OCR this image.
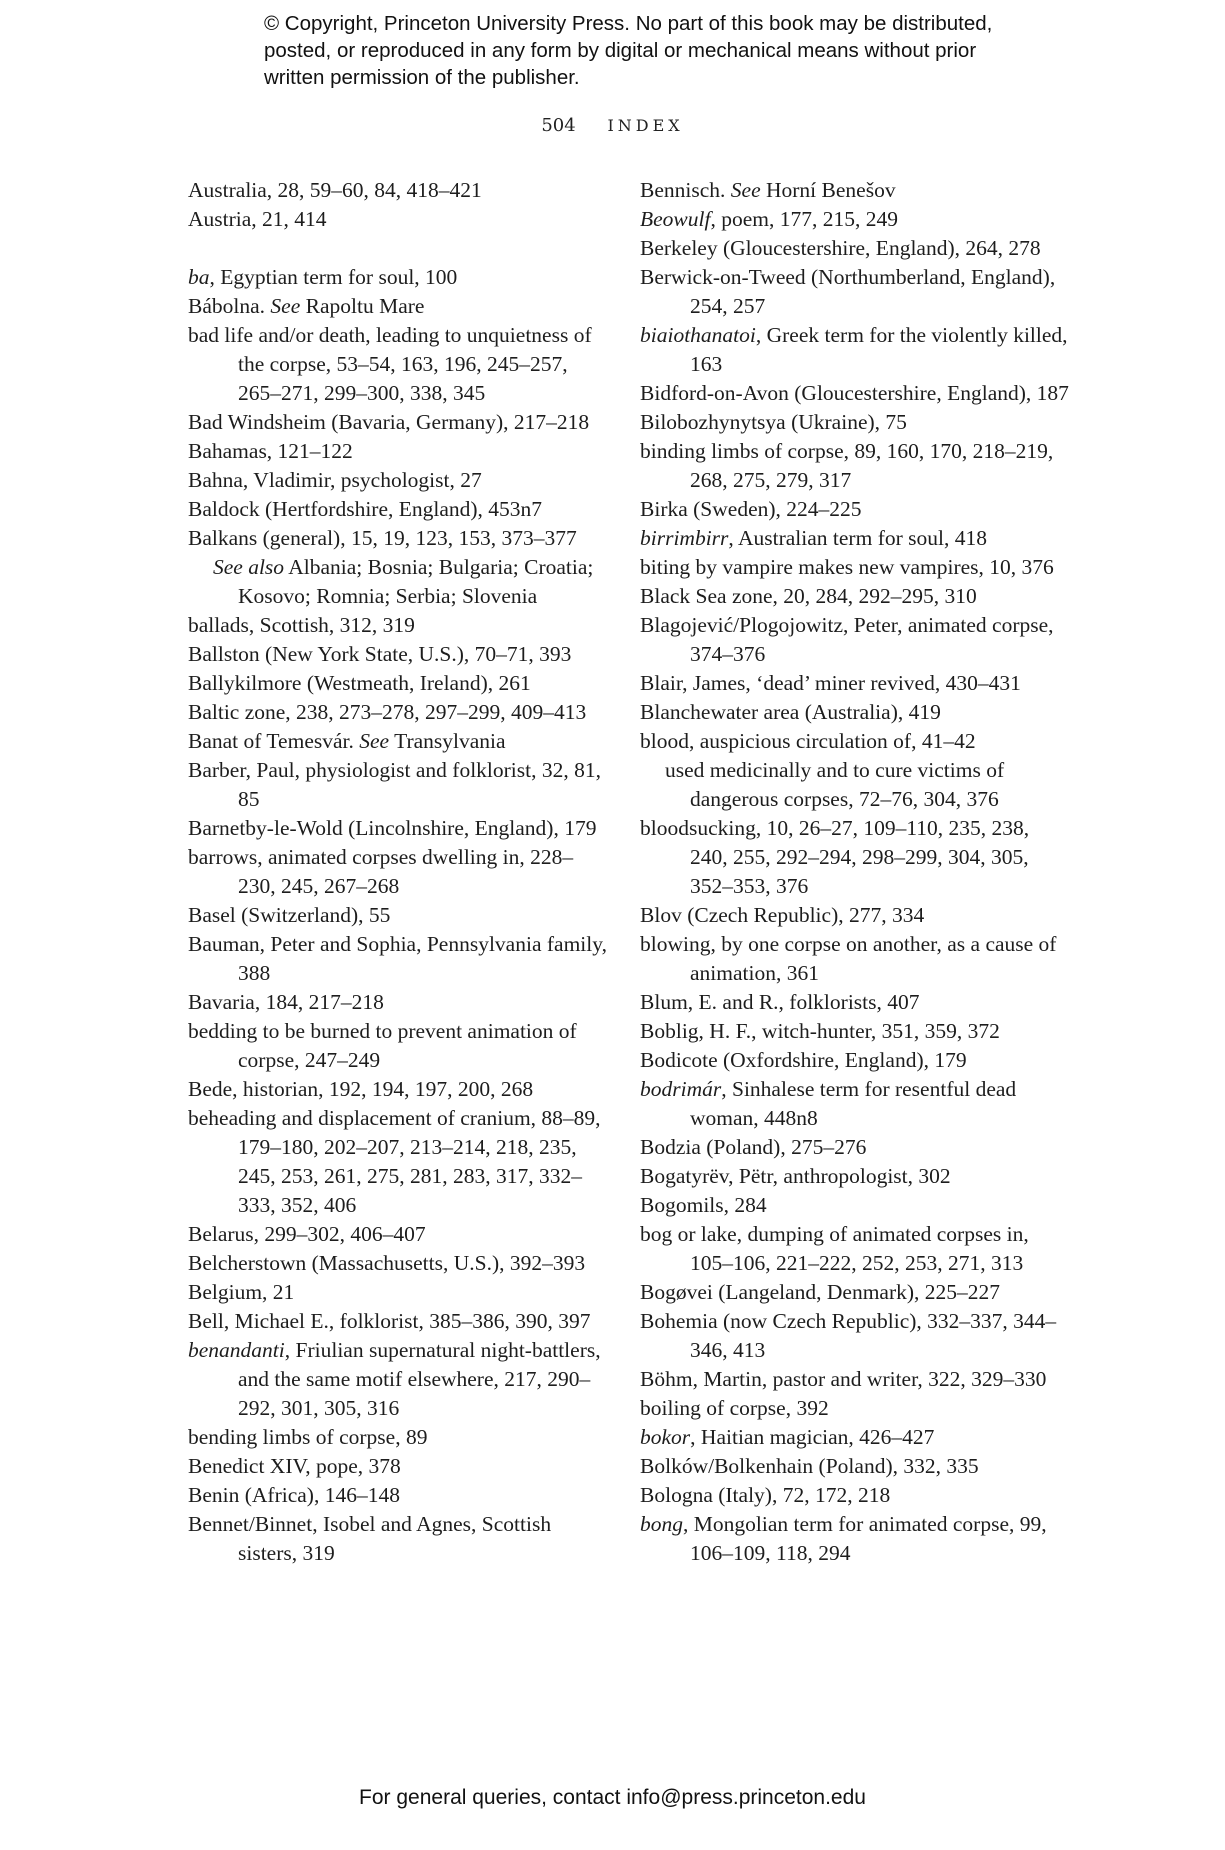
© Copyright, Princeton University Press. No part of this book may be distributed, posted, or reproduced in any form by digital or mechanical means without prior written permission of the publisher.
504 INDEX
Australia, 28, 59–60, 84, 418–421
Austria, 21, 414
ba, Egyptian term for soul, 100
Bábolna. See Rapoltu Mare
bad life and/or death, leading to unquietness of the corpse, 53–54, 163, 196, 245–257, 265–271, 299–300, 338, 345
Bad Windsheim (Bavaria, Germany), 217–218
Bahamas, 121–122
Bahna, Vladimir, psychologist, 27
Baldock (Hertfordshire, England), 453n7
Balkans (general), 15, 19, 123, 153, 373–377
See also Albania; Bosnia; Bulgaria; Croatia; Kosovo; Romnia; Serbia; Slovenia
ballads, Scottish, 312, 319
Ballston (New York State, U.S.), 70–71, 393
Ballykilmore (Westmeath, Ireland), 261
Baltic zone, 238, 273–278, 297–299, 409–413
Banat of Temesvár. See Transylvania
Barber, Paul, physiologist and folklorist, 32, 81, 85
Barnetby-le-Wold (Lincolnshire, England), 179
barrows, animated corpses dwelling in, 228–230, 245, 267–268
Basel (Switzerland), 55
Bauman, Peter and Sophia, Pennsylvania family, 388
Bavaria, 184, 217–218
bedding to be burned to prevent animation of corpse, 247–249
Bede, historian, 192, 194, 197, 200, 268
beheading and displacement of cranium, 88–89, 179–180, 202–207, 213–214, 218, 235, 245, 253, 261, 275, 281, 283, 317, 332–333, 352, 406
Belarus, 299–302, 406–407
Belcherstown (Massachusetts, U.S.), 392–393
Belgium, 21
Bell, Michael E., folklorist, 385–386, 390, 397
benandanti, Friulian supernatural night-battlers, and the same motif elsewhere, 217, 290–292, 301, 305, 316
bending limbs of corpse, 89
Benedict XIV, pope, 378
Benin (Africa), 146–148
Bennet/Binnet, Isobel and Agnes, Scottish sisters, 319
Bennisch. See Horní Benešov
Beowulf, poem, 177, 215, 249
Berkeley (Gloucestershire, England), 264, 278
Berwick-on-Tweed (Northumberland, England), 254, 257
biaiothanatoi, Greek term for the violently killed, 163
Bidford-on-Avon (Gloucestershire, England), 187
Bilobozhynytsya (Ukraine), 75
binding limbs of corpse, 89, 160, 170, 218–219, 268, 275, 279, 317
Birka (Sweden), 224–225
birrimbirr, Australian term for soul, 418
biting by vampire makes new vampires, 10, 376
Black Sea zone, 20, 284, 292–295, 310
Blagojević/Plogojowitz, Peter, animated corpse, 374–376
Blair, James, ‘dead’ miner revived, 430–431
Blanchewater area (Australia), 419
blood, auspicious circulation of, 41–42
used medicinally and to cure victims of dangerous corpses, 72–76, 304, 376
bloodsucking, 10, 26–27, 109–110, 235, 238, 240, 255, 292–294, 298–299, 304, 305, 352–353, 376
Blov (Czech Republic), 277, 334
blowing, by one corpse on another, as a cause of animation, 361
Blum, E. and R., folklorists, 407
Boblig, H. F., witch-hunter, 351, 359, 372
Bodicote (Oxfordshire, England), 179
bodrimár, Sinhalese term for resentful dead woman, 448n8
Bodzia (Poland), 275–276
Bogatyrëv, Pëtr, anthropologist, 302
Bogomils, 284
bog or lake, dumping of animated corpses in, 105–106, 221–222, 252, 253, 271, 313
Bogøvei (Langeland, Denmark), 225–227
Bohemia (now Czech Republic), 332–337, 344–346, 413
Böhm, Martin, pastor and writer, 322, 329–330
boiling of corpse, 392
bokor, Haitian magician, 426–427
Bolków/Bolkenhain (Poland), 332, 335
Bologna (Italy), 72, 172, 218
bong, Mongolian term for animated corpse, 99, 106–109, 118, 294
For general queries, contact info@press.princeton.edu
